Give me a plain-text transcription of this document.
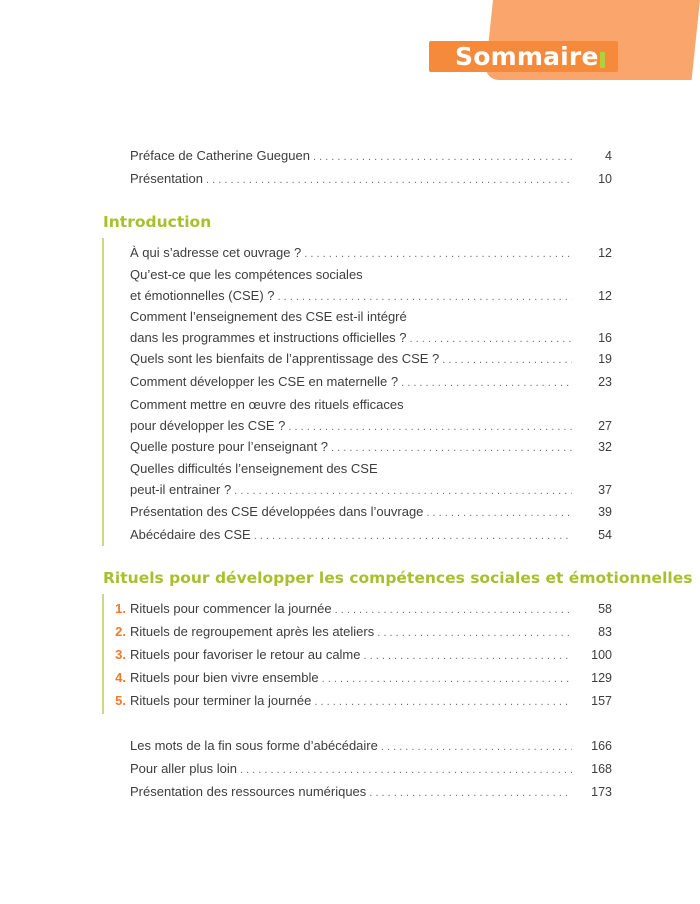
Sommaire
Préface de Catherine Gueguen . . .	4
Présentation . . .	10
Introduction
À qui s’adresse cet ouvrage ? . . .	12
Qu’est-ce que les compétences sociales
et émotionnelles (CSE) ? . . .	12
Comment l’enseignement des CSE est-il intégré
dans les programmes et instructions officielles ? . . .	16
Quels sont les bienfaits de l’apprentissage des CSE ? . . .	19
Comment développer les CSE en maternelle ? . . .	23
Comment mettre en œuvre des rituels efficaces
pour développer les CSE ? . . .	27
Quelle posture pour l’enseignant ? . . .	32
Quelles difficultés l’enseignement des CSE
peut-il entrainer ? . . .	37
Présentation des CSE développées dans l’ouvrage . . .	39
Abécédaire des CSE . . .	54
Rituels pour développer les compétences sociales et émotionnelles
1. Rituels pour commencer la journée . . .	58
2. Rituels de regroupement après les ateliers . . .	83
3. Rituels pour favoriser le retour au calme . . .	100
4. Rituels pour bien vivre ensemble . . .	129
5. Rituels pour terminer la journée . . .	157
Les mots de la fin sous forme d’abécédaire . . .	166
Pour aller plus loin . . .	168
Présentation des ressources numériques . . .	173
